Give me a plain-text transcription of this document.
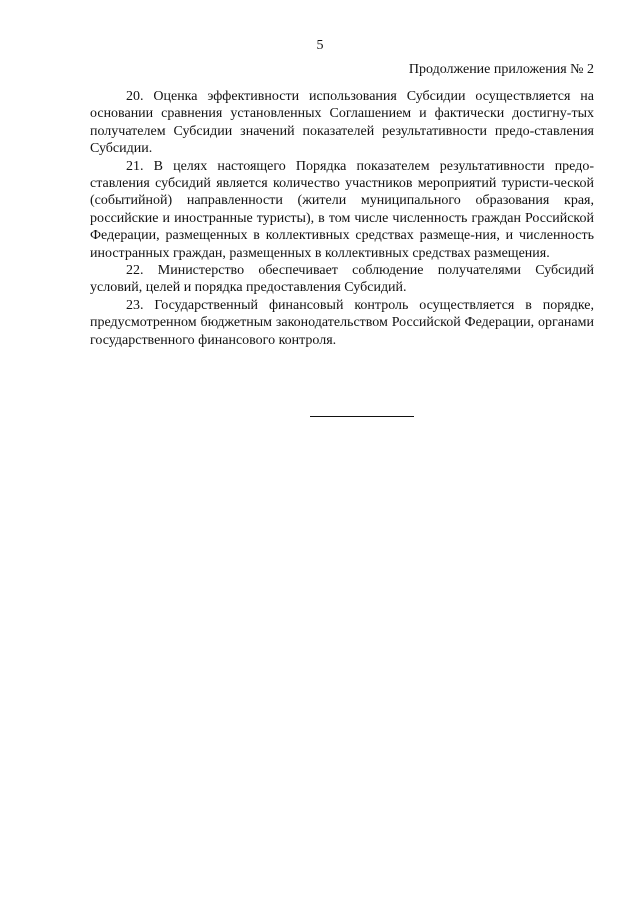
5
Продолжение приложения № 2

20. Оценка эффективности использования Субсидии осуществляется на основании сравнения установленных Соглашением и фактически достигну-тых получателем Субсидии значений показателей результативности предо-ставления Субсидии.

21. В целях настоящего Порядка показателем результативности предо-ставления субсидий является количество участников мероприятий туристи-ческой (событийной) направленности (жители муниципального образования края, российские и иностранные туристы), в том числе численность граждан Российской Федерации, размещенных в коллективных средствах размеще-ния, и численность иностранных граждан, размещенных в коллективных средствах размещения.

22. Министерство обеспечивает соблюдение получателями Субсидий условий, целей и порядка предоставления Субсидий.

23. Государственный финансовый контроль осуществляется в порядке, предусмотренном бюджетным законодательством Российской Федерации, органами государственного финансового контроля.
